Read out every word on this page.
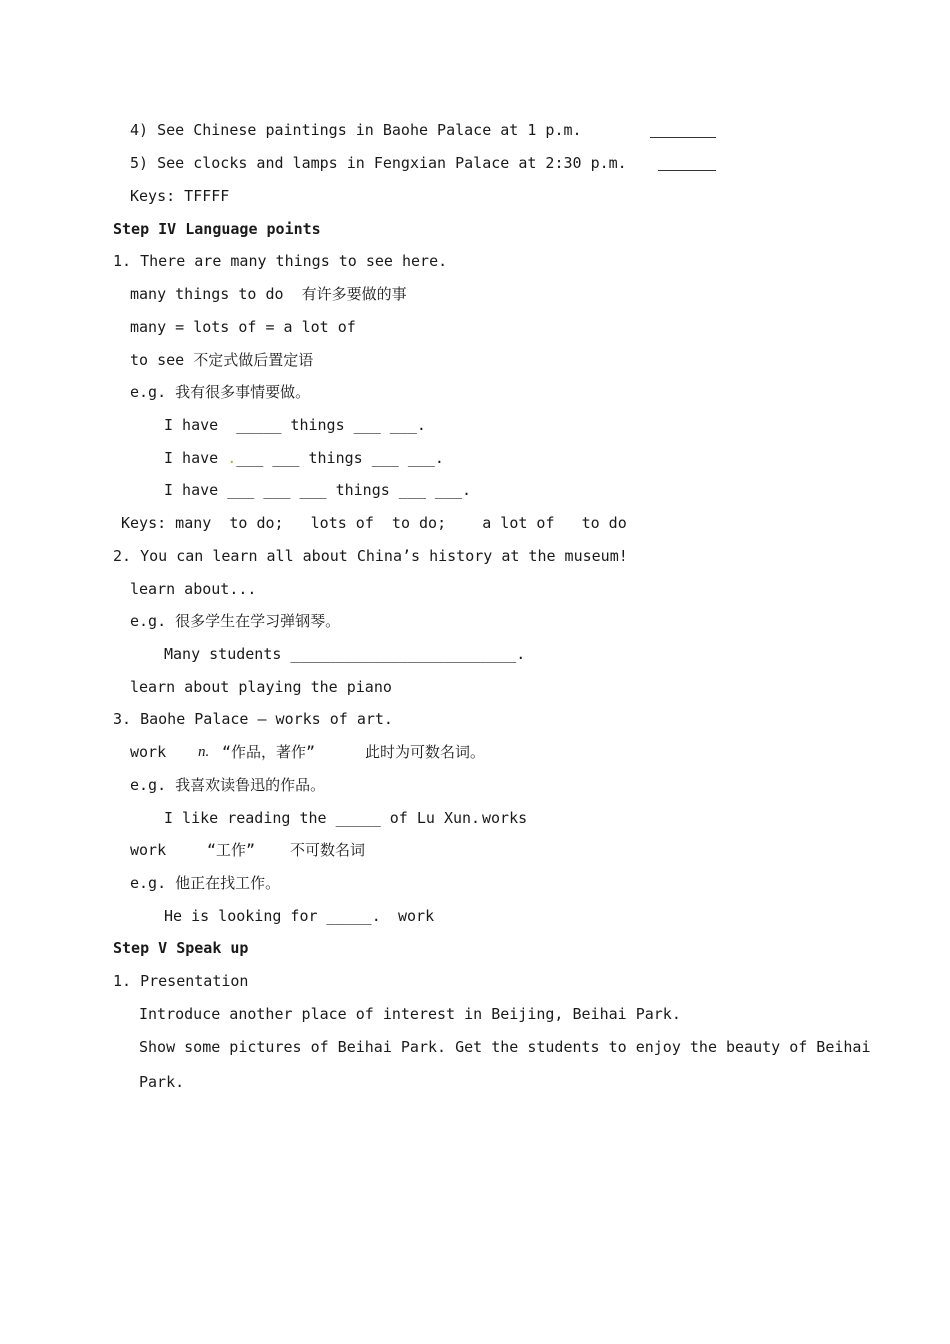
4) See Chinese paintings in Baohe Palace at 1 p.m.
5) See clocks and lamps in Fengxian Palace at 2:30 p.m.
Keys: TFFFF
Step IV Language points
1. There are many things to see here.
many things to do  有许多要做的事
many = lots of = a lot of
to see 不定式做后置定语
e.g. 我有很多事情要做。
I have  _____ things ___ ___.
I have .___ ___ things ___ ___.
I have ___ ___ ___ things ___ ___.
Keys: many  to do;   lots of  to do;    a lot of   to do
2. You can learn all about China’s history at the museum!
learn about...
e.g. 很多学生在学习弹钢琴。
Many students _________________________.
learn about playing the piano
3. Baohe Palace — works of art.
work n. “作品，著作”	此时为可数名词。
e.g. 我喜欢读鲁迅的作品。
I like reading the _____ of Lu Xun. works
work	“工作” 不可数名词
e.g. 他正在找工作。
He is looking for _____. work
Step V Speak up
1. Presentation
Introduce another place of interest in Beijing, Beihai Park.
Show some pictures of Beihai Park. Get the students to enjoy the beauty of Beihai
Park.
